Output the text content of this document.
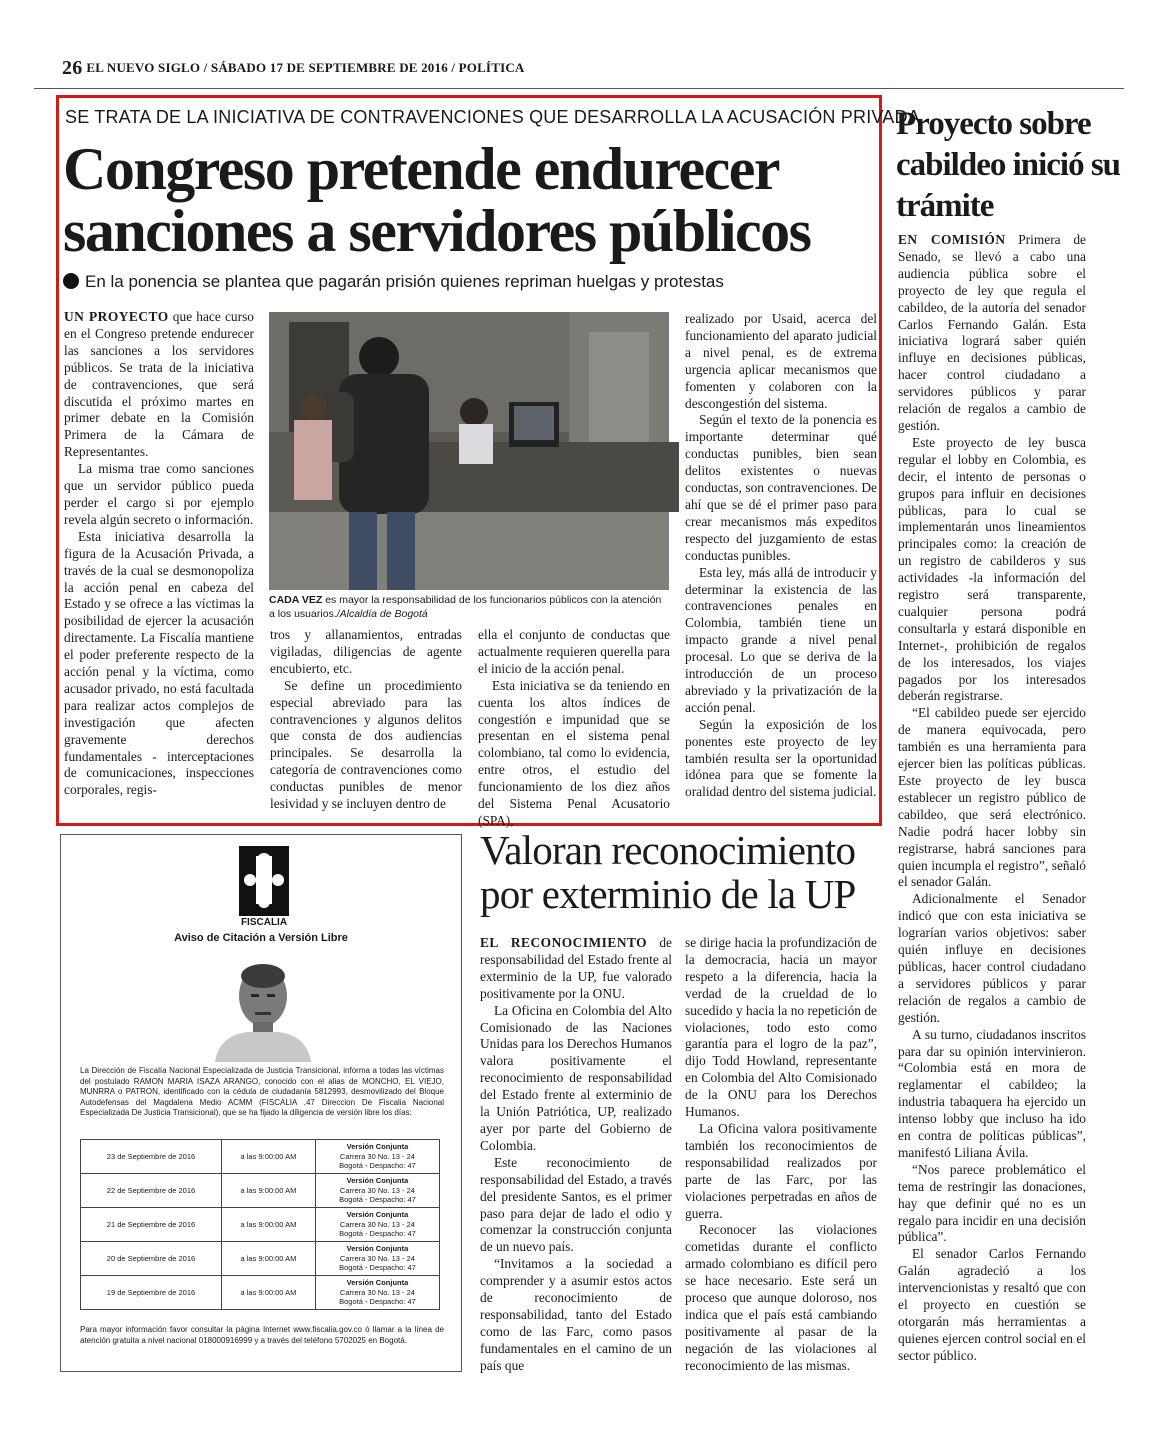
26 EL NUEVO SIGLO / SÁBADO 17 DE SEPTIEMBRE DE 2016 / POLÍTICA
SE TRATA DE LA INICIATIVA DE CONTRAVENCIONES QUE DESARROLLA LA ACUSACIÓN PRIVADA
Congreso pretende endurecer
sanciones a servidores públicos
En la ponencia se plantea que pagarán prisión quienes repriman huelgas y protestas

UN PROYECTO que hace curso en el Congreso pretende endurecer las sanciones a los servidores públicos. Se trata de la iniciativa de contravenciones, que será discutida el próximo martes en primer debate en la Comisión Primera de la Cámara de Representantes.

La misma trae como sanciones que un servidor público pueda perder el cargo si por ejemplo revela algún secreto o información.

Esta iniciativa desarrolla la figura de la Acusación Privada, a través de la cual se desmonopoliza la acción penal en cabeza del Estado y se ofrece a las víctimas la posibilidad de ejercer la acusación directamente. La Fiscalía mantiene el poder preferente respecto de la acción penal y la víctima, como acusador privado, no está facultada para realizar actos complejos de investigación que afecten gravemente derechos fundamentales - interceptaciones de comunicaciones, inspecciones corporales, regis-

CADA VEZ es mayor la responsabilidad de los funcionarios públicos con la atención a los usuarios./Alcaldía de Bogotá

tros y allanamientos, entradas vigiladas, diligencias de agente encubierto, etc.

Se define un procedimiento especial abreviado para las contravenciones y algunos delitos que consta de dos audiencias principales. Se desarrolla la categoría de contravenciones como conductas punibles de menor lesividad y se incluyen dentro de

ella el conjunto de conductas que actualmente requieren querella para el inicio de la acción penal.

Esta iniciativa se da teniendo en cuenta los altos índices de congestión e impunidad que se presentan en el sistema penal colombiano, tal como lo evidencia, entre otros, el estudio del funcionamiento de los diez años del Sistema Penal Acusatorio (SPA),

realizado por Usaid, acerca del funcionamiento del aparato judicial a nivel penal, es de extrema urgencia aplicar mecanismos que fomenten y colaboren con la descongestión del sistema.

Según el texto de la ponencia es importante determinar qué conductas punibles, bien sean delitos existentes o nuevas conductas, son contravenciones. De ahí que se dé el primer paso para crear mecanismos más expeditos respecto del juzgamiento de estas conductas punibles.

Esta ley, más allá de introducir y determinar la existencia de las contravenciones penales en Colombia, también tiene un impacto grande a nivel penal procesal. Lo que se deriva de la introducción de un proceso abreviado y la privatización de la acción penal.

Según la exposición de los ponentes este proyecto de ley también resulta ser la oportunidad idónea para que se fomente la oralidad dentro del sistema judicial.

Proyecto sobre cabildeo inició su trámite

EN COMISIÓN Primera de Senado, se llevó a cabo una audiencia pública sobre el proyecto de ley que regula el cabildeo, de la autoría del senador Carlos Fernando Galán. Esta iniciativa logrará saber quién influye en decisiones públicas, hacer control ciudadano a servidores públicos y parar relación de regalos a cambio de gestión.

Este proyecto de ley busca regular el lobby en Colombia, es decir, el intento de personas o grupos para influir en decisiones públicas, para lo cual se implementarán unos lineamientos principales como: la creación de un registro de cabilderos y sus actividades -la información del registro será transparente, cualquier persona podrá consultarla y estará disponible en Internet-, prohibición de regalos de los interesados, los viajes pagados por los interesados deberán registrarse.

“El cabildeo puede ser ejercido de manera equivocada, pero también es una herramienta para ejercer bien las políticas públicas. Este proyecto de ley busca establecer un registro público de cabildeo, que será electrónico. Nadie podrá hacer lobby sin registrarse, habrá sanciones para quien incumpla el registro”, señaló el senador Galán.

Adicionalmente el Senador indicó que con esta iniciativa se lograrían varios objetivos: saber quién influye en decisiones públicas, hacer control ciudadano a servidores públicos y parar relación de regalos a cambio de gestión.

A su turno, ciudadanos inscritos para dar su opinión intervinieron. “Colombia está en mora de reglamentar el cabildeo; la industria tabaquera ha ejercido un intenso lobby que incluso ha ido en contra de políticas públicas”, manifestó Liliana Ávila.

“Nos parece problemático el tema de restringir las donaciones, hay que definir qué no es un regalo para incidir en una decisión pública”.

El senador Carlos Fernando Galán agradeció a los intervencionistas y resaltó que con el proyecto en cuestión se otorgarán más herramientas a quienes ejercen control social en el sector público.

Valoran reconocimiento
por exterminio de la UP

EL RECONOCIMIENTO de responsabilidad del Estado frente al exterminio de la UP, fue valorado positivamente por la ONU.

La Oficina en Colombia del Alto Comisionado de las Naciones Unidas para los Derechos Humanos valora positivamente el reconocimiento de responsabilidad del Estado frente al exterminio de la Unión Patriótica, UP, realizado ayer por parte del Gobierno de Colombia.

Este reconocimiento de responsabilidad del Estado, a través del presidente Santos, es el primer paso para dejar de lado el odio y comenzar la construcción conjunta de un nuevo país.

“Invitamos a la sociedad a comprender y a asumir estos actos de reconocimiento de responsabilidad, tanto del Estado como de las Farc, como pasos fundamentales en el camino de un país que

se dirige hacia la profundización de la democracia, hacia un mayor respeto a la diferencia, hacia la verdad de la crueldad de lo sucedido y hacia la no repetición de violaciones, todo esto como garantía para el logro de la paz”, dijo Todd Howland, representante en Colombia del Alto Comisionado de la ONU para los Derechos Humanos.

La Oficina valora positivamente también los reconocimientos de responsabilidad realizados por parte de las Farc, por las violaciones perpetradas en años de guerra.

Reconocer las violaciones cometidas durante el conflicto armado colombiano es difícil pero se hace necesario. Este será un proceso que aunque doloroso, nos indica que el país está cambiando positivamente al pasar de la negación de las violaciones al reconocimiento de las mismas.

FISCALIA
Aviso de Citación a Versión Libre
La Dirección de Fiscalía Nacional Especializada de Justicia Transicional, informa a todas las víctimas del postulado RAMON MARIA ISAZA ARANGO, conocido con el alias de MONCHO, EL VIEJO, MUNRRA o PATRON, identificado con la cédula de ciudadanía 5812993, desmovilizado del Bloque Autodefensas del Magdalena Medio ACMM (FISCALIA .47 Direccion De Fiscalia Nacional Especializada De Justicia Transicional), que se ha fijado la diligencia de versión libre los días:
23 de Septiembre de 2016	a las 9:00:00 AM	Versión Conjunta
Carrera 30 No. 13 - 24
Bogotá - Despacho: 47

22 de Septiembre de 2016	a las 9:00:00 AM	Versión Conjunta
Carrera 30 No. 13 - 24
Bogotá - Despacho: 47

21 de Septiembre de 2016	a las 9:00:00 AM	Versión Conjunta
Carrera 30 No. 13 - 24
Bogotá - Despacho: 47

20 de Septiembre de 2016	a las 9:00:00 AM	Versión Conjunta
Carrera 30 No. 13 - 24
Bogotá - Despacho: 47

19 de Septiembre de 2016	a las 9:00:00 AM	Versión Conjunta
Carrera 30 No. 13 - 24
Bogotá - Despacho: 47
Para mayor información favor consultar la página Internet www.fiscalia.gov.co ó llamar a la línea de atención gratuita a nivel nacional 018000916999 y a través del teléfono 5702025 en Bogotá.
